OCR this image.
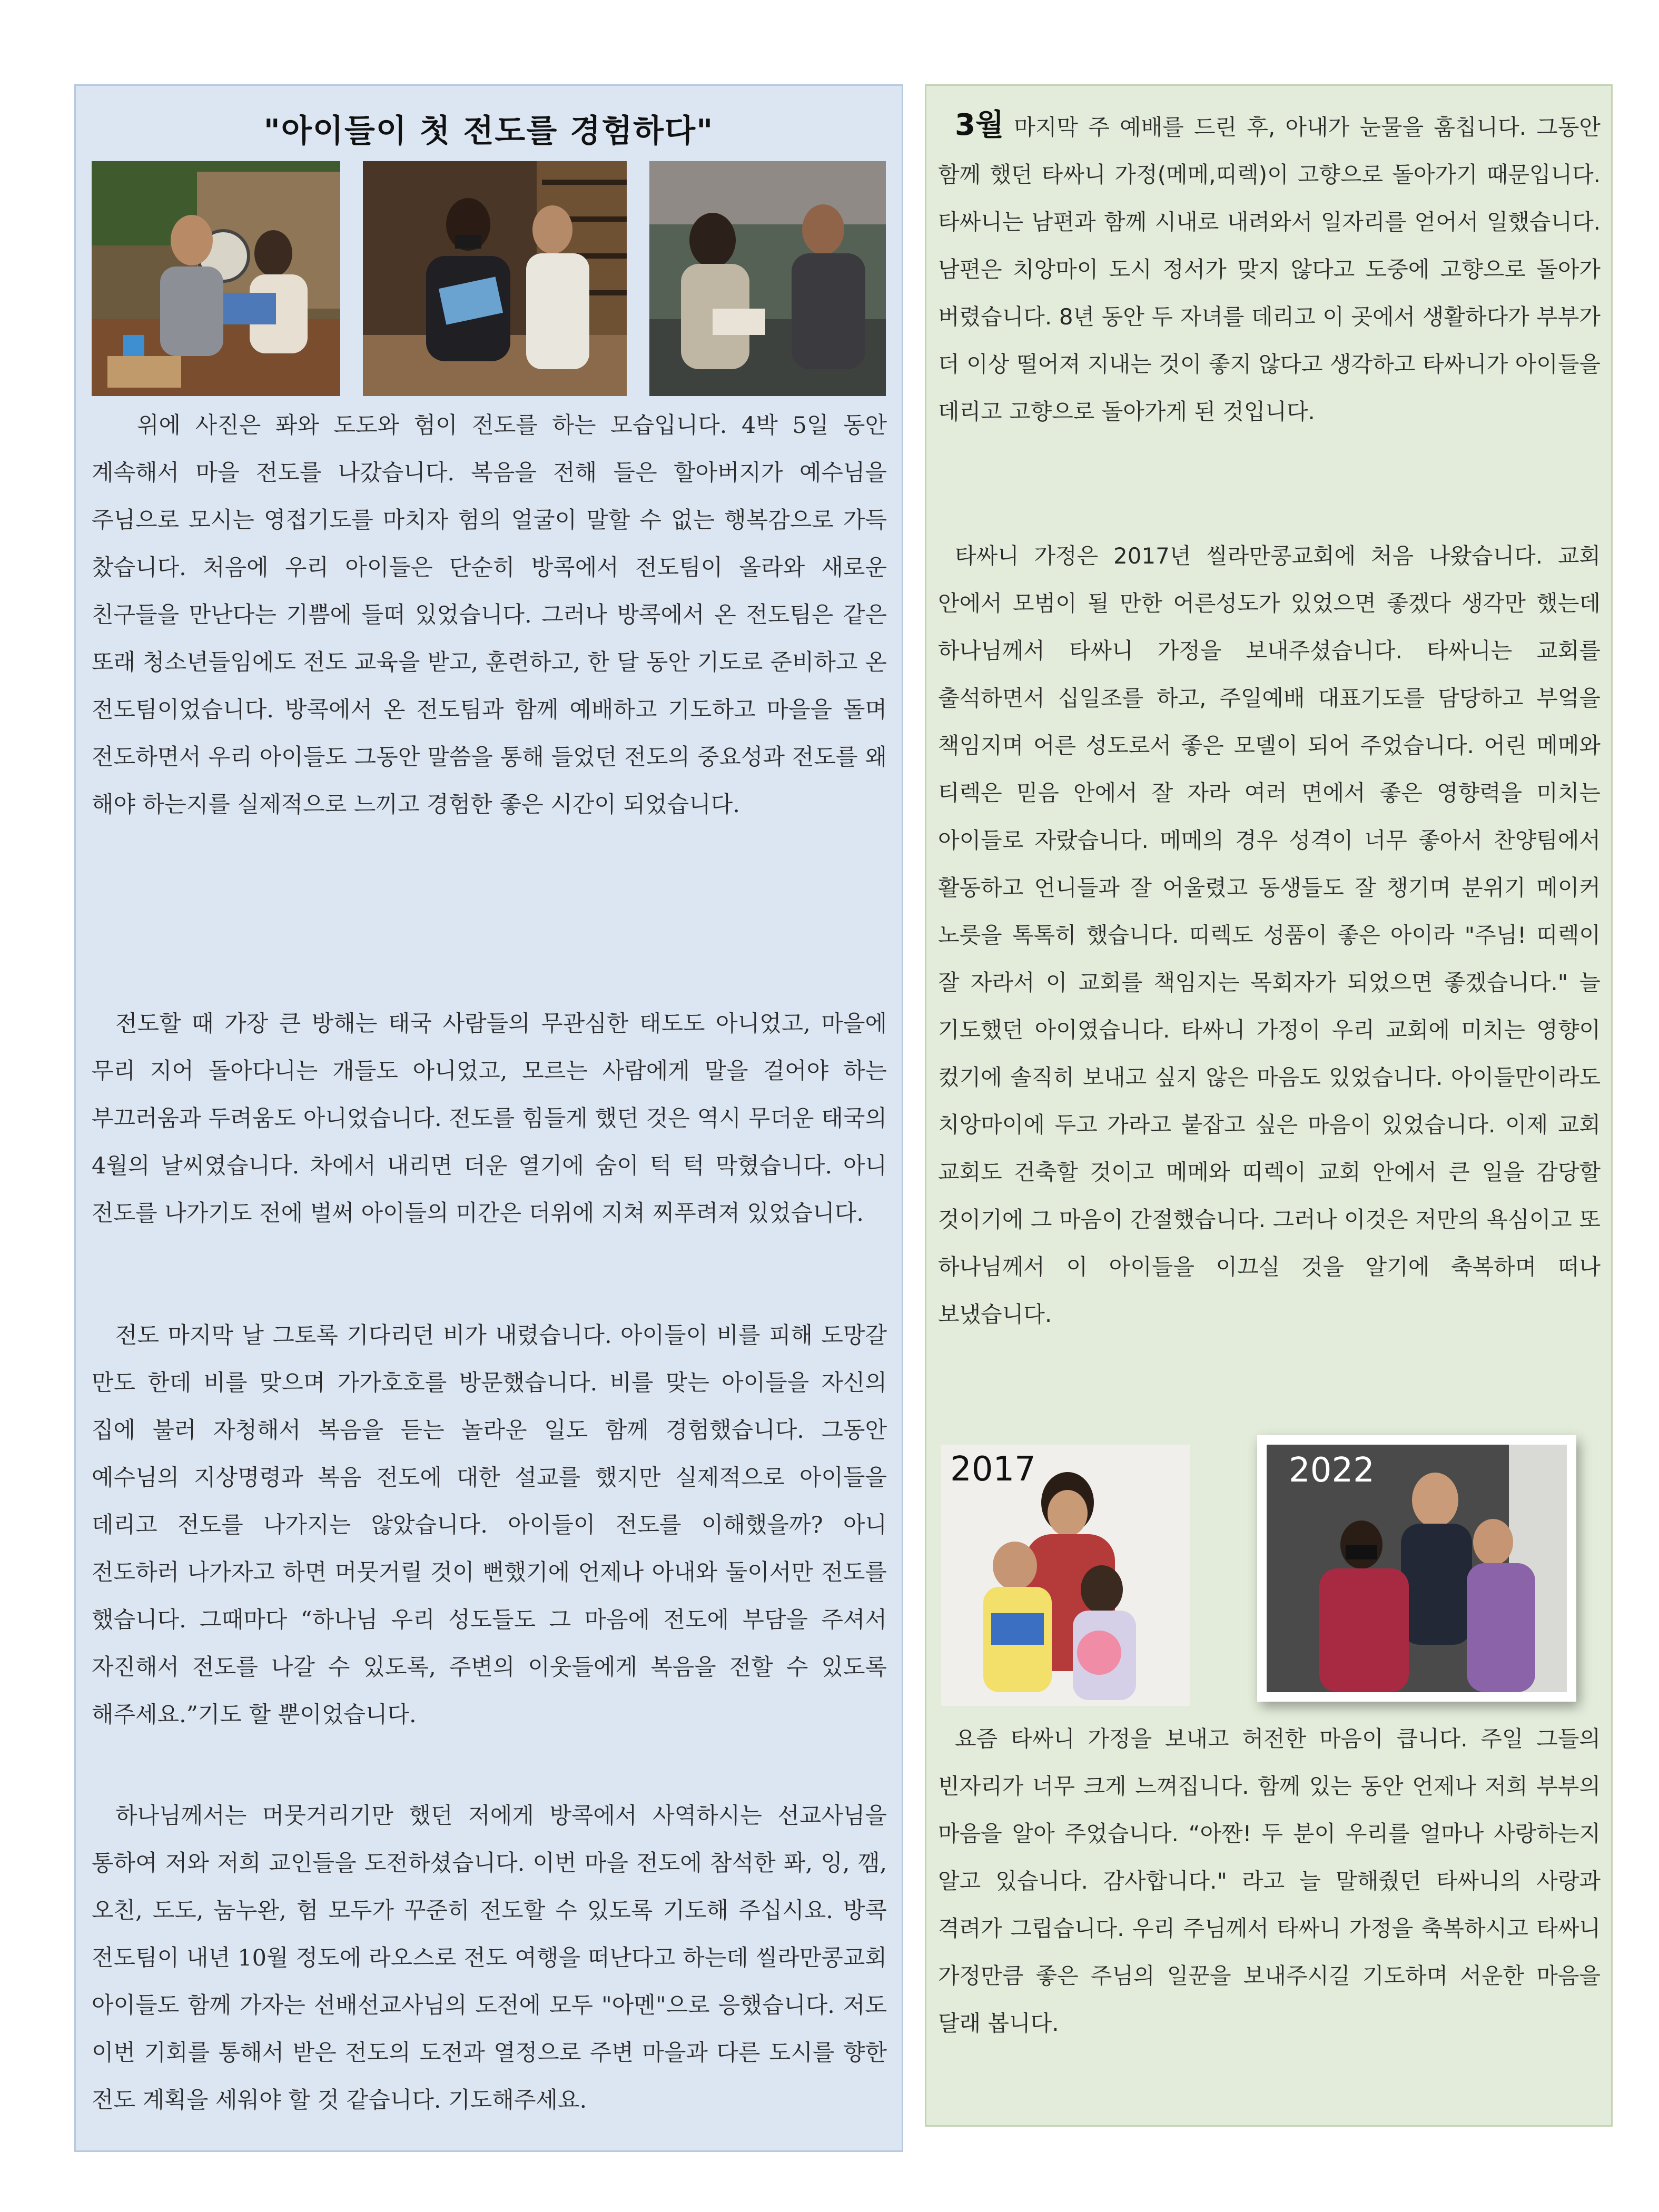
"아이들이 첫 전도를 경험하다"

위에 사진은 퐈와 도도와 험이 전도를 하는 모습입니다. 4박 5일 동안 계속해서 마을 전도를 나갔습니다. 복음을 전해 들은 할아버지가 예수님을 주님으로 모시는 영접기도를 마치자 험의 얼굴이 말할 수 없는 행복감으로 가득 찼습니다. 처음에 우리 아이들은 단순히 방콕에서 전도팀이 올라와 새로운 친구들을 만난다는 기쁨에 들떠 있었습니다. 그러나 방콕에서 온 전도팀은 같은 또래 청소년들임에도 전도 교육을 받고, 훈련하고, 한 달 동안 기도로 준비하고 온 전도팀이었습니다. 방콕에서 온 전도팀과 함께 예배하고 기도하고 마을을 돌며 전도하면서 우리 아이들도 그동안 말씀을 통해 들었던 전도의 중요성과 전도를 왜 해야 하는지를 실제적으로 느끼고 경험한 좋은 시간이 되었습니다.

전도할 때 가장 큰 방해는 태국 사람들의 무관심한 태도도 아니었고, 마을에 무리 지어 돌아다니는 개들도 아니었고, 모르는 사람에게 말을 걸어야 하는 부끄러움과 두려움도 아니었습니다. 전도를 힘들게 했던 것은 역시 무더운 태국의 4월의 날씨였습니다. 차에서 내리면 더운 열기에 숨이 턱 턱 막혔습니다. 아니 전도를 나가기도 전에 벌써 아이들의 미간은 더위에 지쳐 찌푸려져 있었습니다.

전도 마지막 날 그토록 기다리던 비가 내렸습니다. 아이들이 비를 피해 도망갈 만도 한데 비를 맞으며 가가호호를 방문했습니다. 비를 맞는 아이들을 자신의 집에 불러 자청해서 복음을 듣는 놀라운 일도 함께 경험했습니다. 그동안 예수님의 지상명령과 복음 전도에 대한 설교를 했지만 실제적으로 아이들을 데리고 전도를 나가지는 않았습니다. 아이들이 전도를 이해했을까? 아니 전도하러 나가자고 하면 머뭇거릴 것이 뻔했기에 언제나 아내와 둘이서만 전도를 했습니다. 그때마다 “하나님 우리 성도들도 그 마음에 전도에 부담을 주셔서 자진해서 전도를 나갈 수 있도록, 주변의 이웃들에게 복음을 전할 수 있도록 해주세요.”기도 할 뿐이었습니다.

하나님께서는 머뭇거리기만 했던 저에게 방콕에서 사역하시는 선교사님을 통하여 저와 저희 교인들을 도전하셨습니다. 이번 마을 전도에 참석한 퐈, 잉, 깸, 오친, 도도, 눔누완, 험 모두가 꾸준히 전도할 수 있도록 기도해 주십시요. 방콕 전도팀이 내년 10월 정도에 라오스로 전도 여행을 떠난다고 하는데 씰라만콩교회 아이들도 함께 가자는 선배선교사님의 도전에 모두 "아멘"으로 응했습니다. 저도 이번 기회를 통해서 받은 전도의 도전과 열정으로 주변 마을과 다른 도시를 향한 전도 계획을 세워야 할 것 같습니다. 기도해주세요.

3월 마지막 주 예배를 드린 후, 아내가 눈물을 훔칩니다. 그동안 함께 했던 타싸니 가정(메메,띠렉)이 고향으로 돌아가기 때문입니다. 타싸니는 남편과 함께 시내로 내려와서 일자리를 얻어서 일했습니다. 남편은 치앙마이 도시 정서가 맞지 않다고 도중에 고향으로 돌아가 버렸습니다. 8년 동안 두 자녀를 데리고 이 곳에서 생활하다가 부부가 더 이상 떨어져 지내는 것이 좋지 않다고 생각하고 타싸니가 아이들을 데리고 고향으로 돌아가게 된 것입니다.

타싸니 가정은 2017년 씰라만콩교회에 처음 나왔습니다. 교회 안에서 모범이 될 만한 어른성도가 있었으면 좋겠다 생각만 했는데 하나님께서 타싸니 가정을 보내주셨습니다. 타싸니는 교회를 출석하면서 십일조를 하고, 주일예배 대표기도를 담당하고 부엌을 책임지며 어른 성도로서 좋은 모델이 되어 주었습니다. 어린 메메와 티렉은 믿음 안에서 잘 자라 여러 면에서 좋은 영향력을 미치는 아이들로 자랐습니다. 메메의 경우 성격이 너무 좋아서 찬양팀에서 활동하고 언니들과 잘 어울렸고 동생들도 잘 챙기며 분위기 메이커 노릇을 톡톡히 했습니다. 띠렉도 성품이 좋은 아이라 "주님! 띠렉이 잘 자라서 이 교회를 책임지는 목회자가 되었으면 좋겠습니다." 늘 기도했던 아이였습니다. 타싸니 가정이 우리 교회에 미치는 영향이 컸기에 솔직히 보내고 싶지 않은 마음도 있었습니다. 아이들만이라도 치앙마이에 두고 가라고 붙잡고 싶은 마음이 있었습니다. 이제 교회 교회도 건축할 것이고 메메와 띠렉이 교회 안에서 큰 일을 감당할 것이기에 그 마음이 간절했습니다. 그러나 이것은 저만의 욕심이고 또 하나님께서 이 아이들을 이끄실 것을 알기에 축복하며 떠나 보냈습니다.

2017	2022

요즘 타싸니 가정을 보내고 허전한 마음이 큽니다. 주일 그들의 빈자리가 너무 크게 느껴집니다. 함께 있는 동안 언제나 저희 부부의 마음을 알아 주었습니다. “아짠! 두 분이 우리를 얼마나 사랑하는지 알고 있습니다. 감사합니다." 라고 늘 말해줬던 타싸니의 사랑과 격려가 그립습니다. 우리 주님께서 타싸니 가정을 축복하시고 타싸니 가정만큼 좋은 주님의 일꾼을 보내주시길 기도하며 서운한 마음을 달래 봅니다.
